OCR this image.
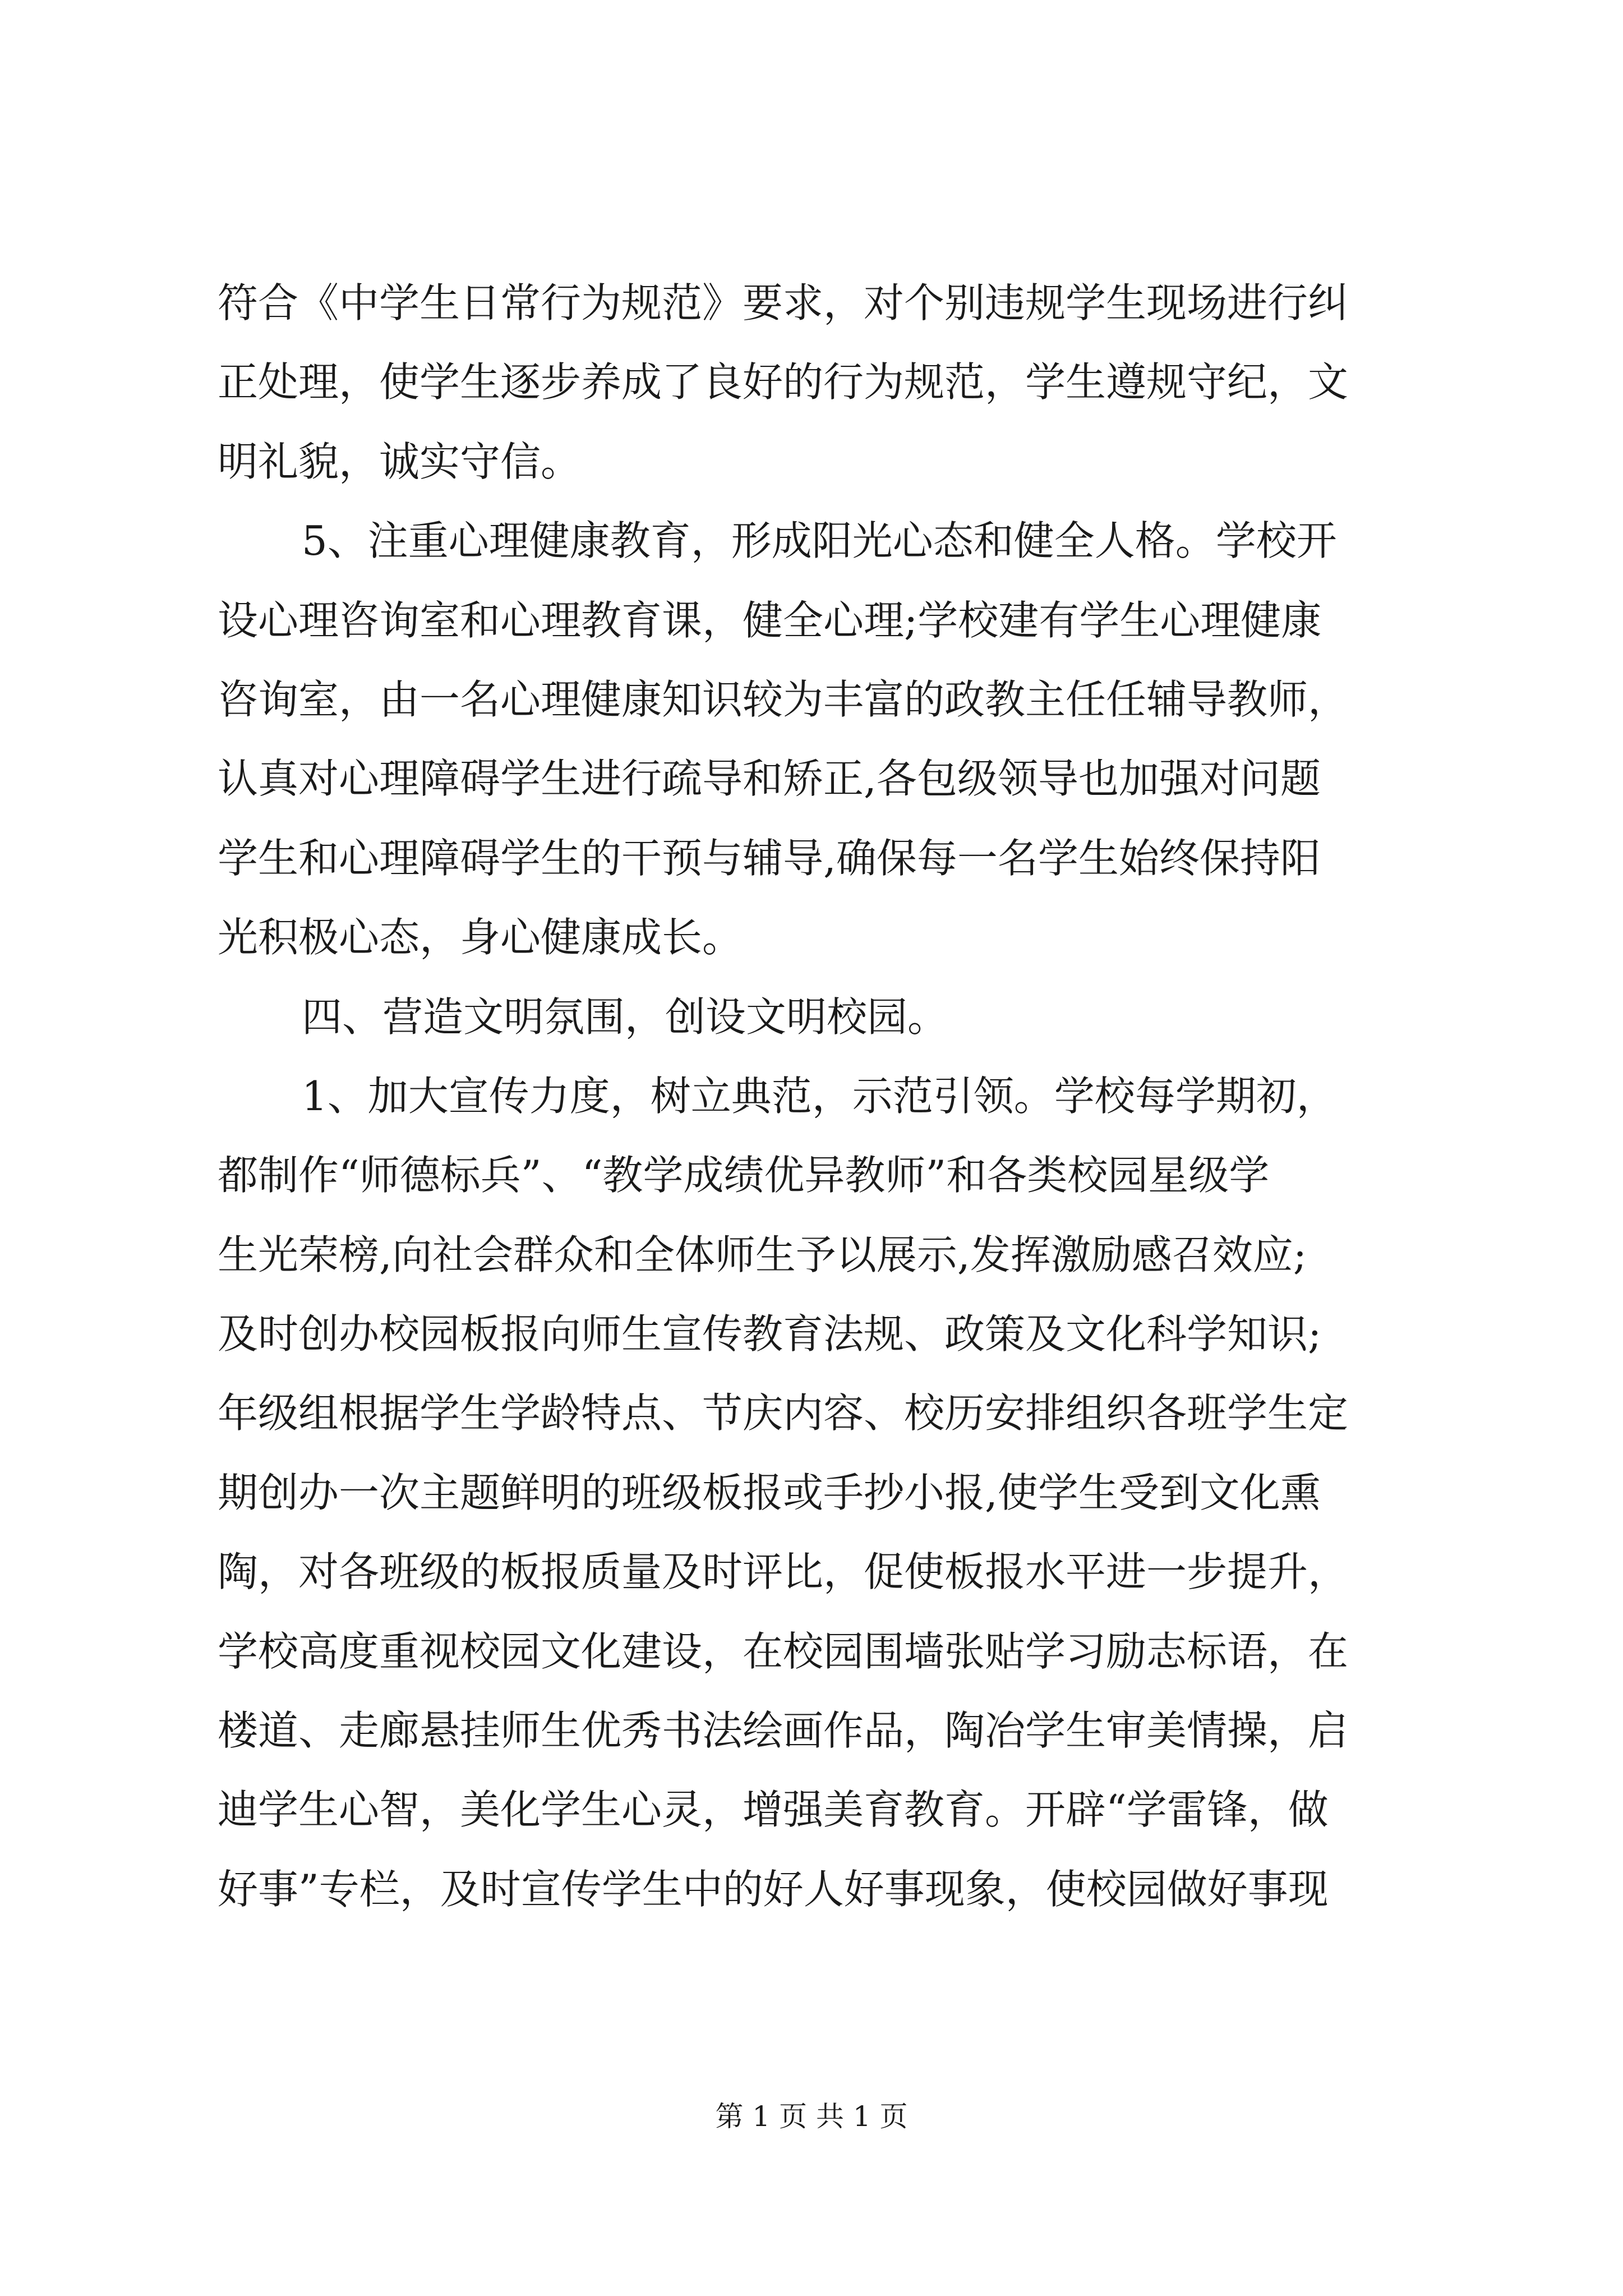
符合《中学生日常行为规范》要求，对个别违规学生现场进行纠
正处理，使学生逐步养成了良好的行为规范，学生遵规守纪，文
明礼貌，诚实守信。
5、注重心理健康教育，形成阳光心态和健全人格。学校开
设心理咨询室和心理教育课，健全心理;学校建有学生心理健康
咨询室，由一名心理健康知识较为丰富的政教主任任辅导教师，
认真对心理障碍学生进行疏导和矫正,各包级领导也加强对问题
学生和心理障碍学生的干预与辅导,确保每一名学生始终保持阳
光积极心态，身心健康成长。
四、营造文明氛围，创设文明校园。
1、加大宣传力度，树立典范，示范引领。学校每学期初，
都制作“师德标兵”、“教学成绩优异教师”和各类校园星级学
生光荣榜,向社会群众和全体师生予以展示,发挥激励感召效应;
及时创办校园板报向师生宣传教育法规、政策及文化科学知识;
年级组根据学生学龄特点、节庆内容、校历安排组织各班学生定
期创办一次主题鲜明的班级板报或手抄小报,使学生受到文化熏
陶，对各班级的板报质量及时评比，促使板报水平进一步提升，
学校高度重视校园文化建设，在校园围墙张贴学习励志标语，在
楼道、走廊悬挂师生优秀书法绘画作品，陶冶学生审美情操，启
迪学生心智，美化学生心灵，增强美育教育。开辟“学雷锋，做
好事”专栏，及时宣传学生中的好人好事现象，使校园做好事现
第 1 页 共 1 页
